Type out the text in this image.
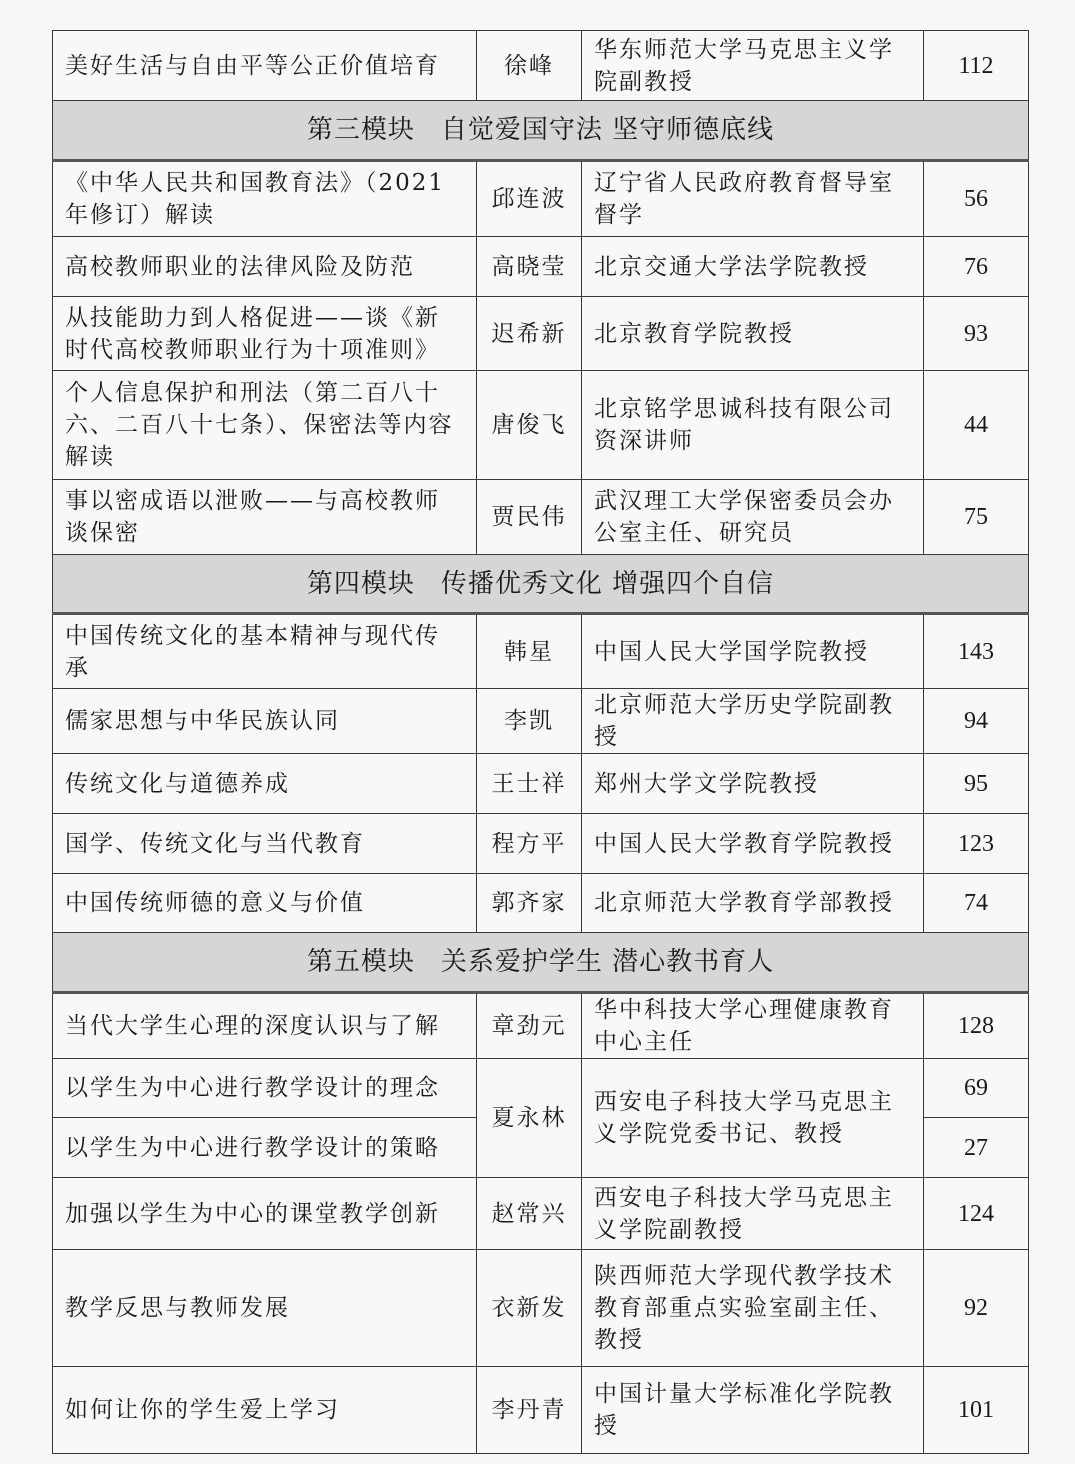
美好生活与自由平等公正价值培育	徐峰	华东师范大学马克思主义学院副教授	112
第三模块 自觉爱国守法 坚守师德底线			
《中华人民共和国教育法》（2021 年修订）解读	邱连波	辽宁省人民政府教育督导室督学	56
高校教师职业的法律风险及防范	高晓莹	北京交通大学法学院教授	76
从技能助力到人格促进——谈《新时代高校教师职业行为十项准则》	迟希新	北京教育学院教授	93
个人信息保护和刑法（第二百八十六、二百八十七条）、保密法等内容解读	唐俊飞	北京铭学思诚科技有限公司资深讲师	44
事以密成语以泄败——与高校教师谈保密	贾民伟	武汉理工大学保密委员会办公室主任、研究员	75
第四模块 传播优秀文化 增强四个自信			
中国传统文化的基本精神与现代传承	韩星	中国人民大学国学院教授	143
儒家思想与中华民族认同	李凯	北京师范大学历史学院副教授	94
传统文化与道德养成	王士祥	郑州大学文学院教授	95
国学、传统文化与当代教育	程方平	中国人民大学教育学院教授	123
中国传统师德的意义与价值	郭齐家	北京师范大学教育学部教授	74
第五模块 关系爱护学生 潜心教书育人			
当代大学生心理的深度认识与了解	章劲元	华中科技大学心理健康教育中心主任	128
以学生为中心进行教学设计的理念	夏永林	西安电子科技大学马克思主义学院党委书记、教授	69
以学生为中心进行教学设计的策略			27
加强以学生为中心的课堂教学创新	赵常兴	西安电子科技大学马克思主义学院副教授	124
教学反思与教师发展	衣新发	陕西师范大学现代教学技术教育部重点实验室副主任、教授	92
如何让你的学生爱上学习	李丹青	中国计量大学标准化学院教授	101
